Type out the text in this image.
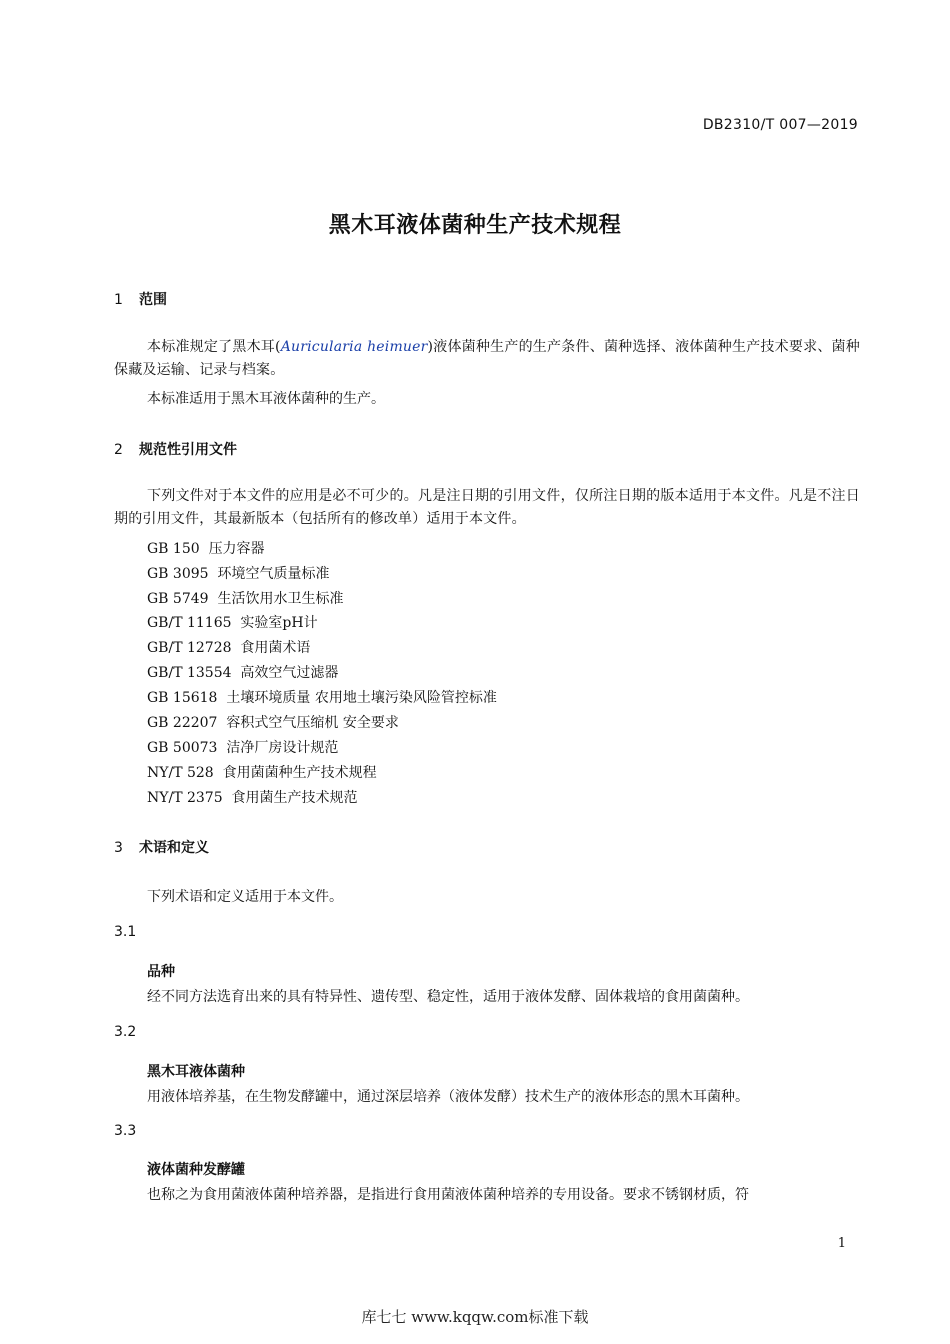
DB2310/T 007—2019
黑木耳液体菌种生产技术规程
1 范围
本标准规定了黑木耳(Auricularia heimuer)液体菌种生产的生产条件、菌种选择、液体菌种生产技术要求、菌种保藏及运输、记录与档案。
本标准适用于黑木耳液体菌种的生产。
2 规范性引用文件
下列文件对于本文件的应用是必不可少的。凡是注日期的引用文件，仅所注日期的版本适用于本文件。凡是不注日期的引用文件，其最新版本（包括所有的修改单）适用于本文件。
GB 150 压力容器
GB 3095 环境空气质量标准
GB 5749 生活饮用水卫生标准
GB/T 11165 实验室pH计
GB/T 12728 食用菌术语
GB/T 13554 高效空气过滤器
GB 15618 土壤环境质量 农用地土壤污染风险管控标准
GB 22207 容积式空气压缩机 安全要求
GB 50073 洁净厂房设计规范
NY/T 528 食用菌菌种生产技术规程
NY/T 2375 食用菌生产技术规范
3 术语和定义
下列术语和定义适用于本文件。
3.1
品种
经不同方法选育出来的具有特异性、遗传型、稳定性，适用于液体发酵、固体栽培的食用菌菌种。
3.2
黑木耳液体菌种
用液体培养基，在生物发酵罐中，通过深层培养（液体发酵）技术生产的液体形态的黑木耳菌种。
3.3
液体菌种发酵罐
也称之为食用菌液体菌种培养器，是指进行食用菌液体菌种培养的专用设备。要求不锈钢材质，符
1
库七七 www.kqqw.com标准下载
